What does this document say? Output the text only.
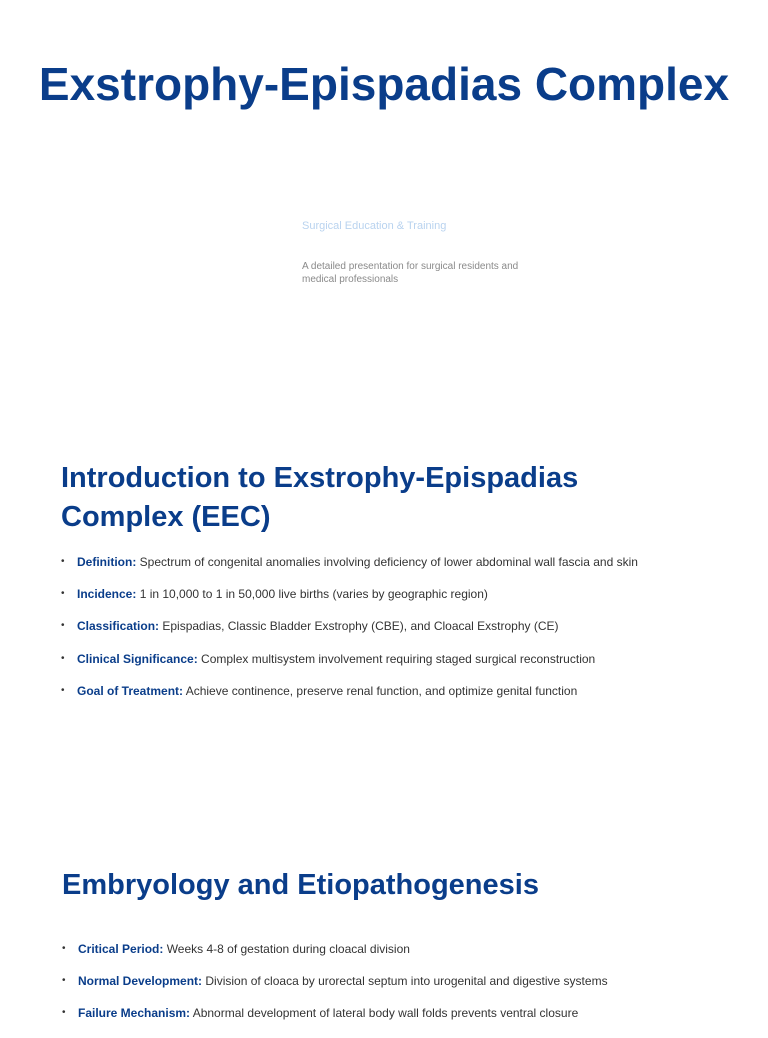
Exstrophy-Epispadias Complex

Surgical Education & Training

A detailed presentation for surgical residents and medical professionals

Introduction to Exstrophy-Epispadias Complex (EEC)
• Definition: Spectrum of congenital anomalies involving deficiency of lower abdominal wall fascia and skin
• Incidence: 1 in 10,000 to 1 in 50,000 live births (varies by geographic region)
• Classification: Epispadias, Classic Bladder Exstrophy (CBE), and Cloacal Exstrophy (CE)
• Clinical Significance: Complex multisystem involvement requiring staged surgical reconstruction
• Goal of Treatment: Achieve continence, preserve renal function, and optimize genital function
Embryology and Etiopathogenesis
• Critical Period: Weeks 4-8 of gestation during cloacal division
• Normal Development: Division of cloaca by urorectal septum into urogenital and digestive systems
• Failure Mechanism: Abnormal development of lateral body wall folds prevents ventral closure
